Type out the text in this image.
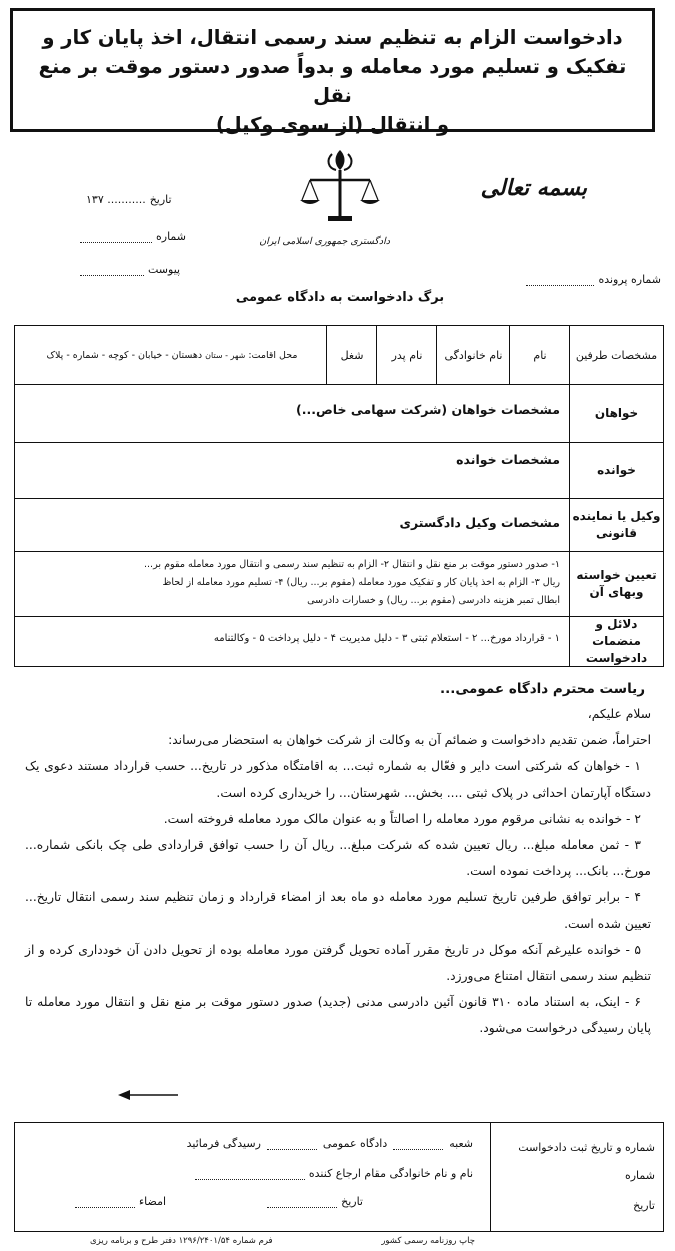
دادخواست الزام به تنظیم سند رسمی انتقال، اخذ پایان کار و
تفکیک و تسلیم مورد معامله و بدواً صدور دستور موقت بر منع نقل
و انتقال (از سوی وکیل)
بسمه تعالی
دادگستری جمهوری اسلامی ایران
تاریخ
........... ۱۳۷
شماره
پیوست
شماره پرونده
برگ دادخواست به دادگاه عمومی
مشخصات طرفین
نام
نام خانوادگی
نام پدر
شغل
محل اقامت:
شهر - ستان
دهستان - خیابان - کوچه - شماره - پلاک
خواهان
مشخصات خواهان (شرکت سهامی خاص...)
خوانده
مشخصات خوانده
وکیل یا نماینده
قانونی
مشخصات وکیل دادگستری
تعیین خواسته
وبهای آن
۱- صدور دستور موقت بر منع نقل و انتقال ۲- الزام به تنظیم سند رسمی و انتقال مورد معامله مقوم بر...
ریال ۳- الزام به اخذ پایان کار و تفکیک مورد معامله (مقوم بر... ریال) ۴- تسلیم مورد معامله از لحاظ
ابطال تمبر هزینه دادرسی (مقوم بر... ریال) و خسارات دادرسی
دلائل و منضمات
دادخواست
۱ - قرارداد مورخ... ۲ - استعلام ثبتی ۳ - دلیل مدیریت ۴ - دلیل پرداخت ۵ - وکالتنامه
ریاست محترم دادگاه عمومی...
سلام علیکم،
احتراماً، ضمن تقدیم دادخواست و ضمائم آن به وکالت از شرکت خواهان به استحضار می‌رساند:
۱ - خواهان که شرکتی است دایر و فعّال به شماره ثبت... به اقامتگاه مذکور در تاریخ... حسب قرارداد مستند دعوی یک دستگاه آپارتمان احداثی در پلاک ثبتی .... بخش... شهرستان... را خریداری کرده است.
۲ - خوانده به نشانی مرقوم مورد معامله را اصالتاً و به عنوان مالک مورد معامله فروخته است.
۳ - ثمن معامله مبلغ... ریال تعیین شده که شرکت مبلغ... ریال آن را حسب توافق قراردادی طی چک بانکی شماره... مورخ... بانک... پرداخت نموده است.
۴ - برابر توافق طرفین تاریخ تسلیم مورد معامله دو ماه بعد از امضاء قرارداد و زمان تنظیم سند رسمی انتقال تاریخ... تعیین شده است.
۵ - خوانده علیرغم آنکه موکل در تاریخ مقرر آماده تحویل گرفتن مورد معامله بوده از تحویل دادن آن خودداری کرده و از تنظیم سند رسمی انتقال امتناع می‌ورزد.
۶ - اینک، به استناد ماده ۳۱۰ قانون آئین دادرسی مدنی (جدید) صدور دستور موقت بر منع نقل و انتقال مورد معامله تا پایان رسیدگی درخواست می‌شود.
شماره و تاریخ ثبت دادخواست
شماره
تاریخ
شعبه
دادگاه عمومی
رسیدگی فرمائید
نام و نام خانوادگی مقام ارجاع کننده
تاریخ
امضاء
چاپ روزنامه رسمی کشور
فرم شماره ۱۲۹۶/۲۴۰۱/۵۴ دفتر طرح و برنامه ریزی
